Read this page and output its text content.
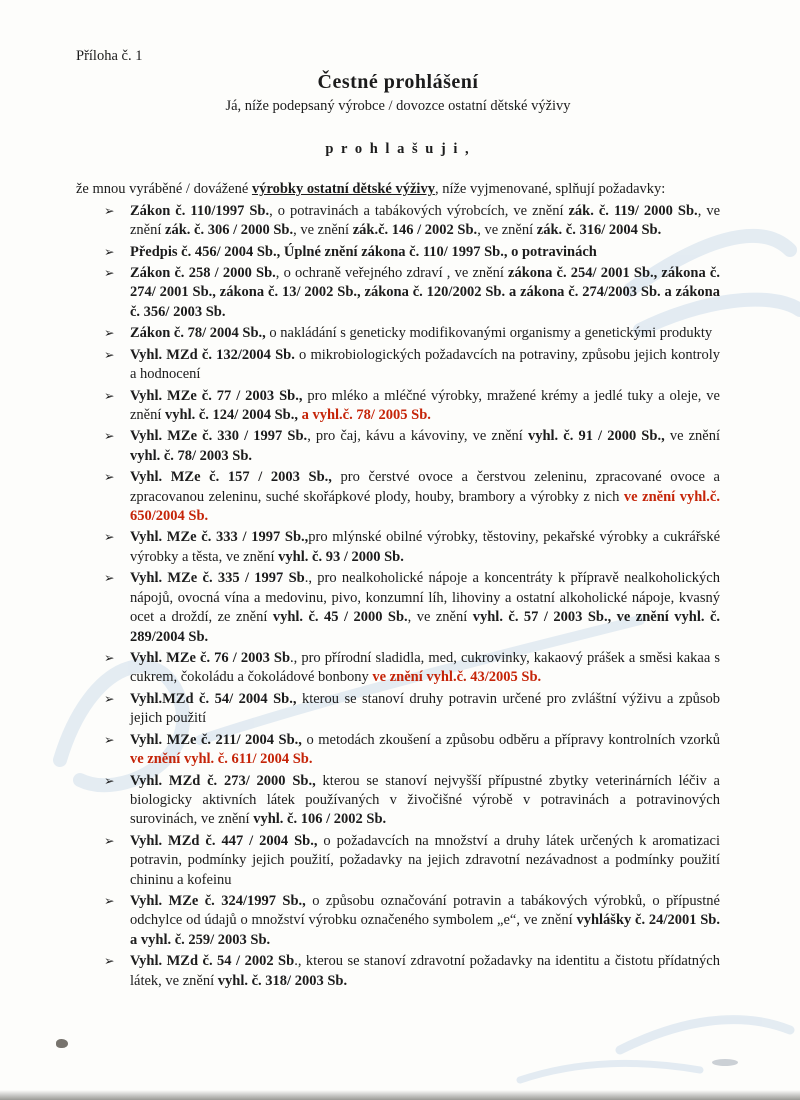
Příloha č. 1
Čestné prohlášení
Já, níže podepsaný výrobce / dovozce ostatní dětské výživy
p r o h l a š u j i ,

že mnou vyráběné / dovážené výrobky ostatní dětské výživy, níže vyjmenované, splňují požadavky:

➢	Zákon č. 110/1997 Sb., o potravinách a tabákových výrobcích, ve znění zák. č. 119/ 2000 Sb., ve znění zák. č. 306 / 2000 Sb., ve znění zák.č. 146 / 2002 Sb., ve znění zák. č. 316/ 2004 Sb.
➢	Předpis č. 456/ 2004 Sb., Úplné znění zákona č. 110/ 1997 Sb., o potravinách
➢	Zákon č. 258 / 2000 Sb., o ochraně veřejného zdraví , ve znění zákona č. 254/ 2001 Sb., zákona č. 274/ 2001 Sb., zákona č. 13/ 2002 Sb., zákona č. 120/2002 Sb. a zákona č. 274/2003 Sb. a zákona č. 356/ 2003 Sb.
➢	Zákon č. 78/ 2004 Sb., o nakládání s geneticky modifikovanými organismy a genetickými produkty
➢	Vyhl. MZd č. 132/2004 Sb. o mikrobiologických požadavcích na potraviny, způsobu jejich kontroly a hodnocení
➢	Vyhl. MZe č. 77 / 2003 Sb., pro mléko a mléčné výrobky, mražené krémy a jedlé tuky a oleje, ve znění vyhl. č. 124/ 2004 Sb., a vyhl.č. 78/ 2005 Sb.
➢	Vyhl. MZe č. 330 / 1997 Sb., pro čaj, kávu a kávoviny, ve znění vyhl. č. 91 / 2000 Sb., ve znění vyhl. č. 78/ 2003 Sb.
➢	Vyhl. MZe č. 157 / 2003 Sb., pro čerstvé ovoce a čerstvou zeleninu, zpracované ovoce a zpracovanou zeleninu, suché skořápkové plody, houby, brambory a výrobky z nich ve znění vyhl.č. 650/2004 Sb.
➢	Vyhl. MZe č. 333 / 1997 Sb.,pro mlýnské obilné výrobky, těstoviny, pekařské výrobky a cukrářské výrobky a těsta, ve znění vyhl. č. 93 / 2000 Sb.
➢	Vyhl. MZe č. 335 / 1997 Sb., pro nealkoholické nápoje a koncentráty k přípravě nealkoholických nápojů, ovocná vína a medovinu, pivo, konzumní líh, lihoviny a ostatní alkoholické nápoje, kvasný ocet a droždí, ze znění vyhl. č. 45 / 2000 Sb., ve znění vyhl. č. 57 / 2003 Sb., ve znění vyhl. č. 289/2004 Sb.
➢	Vyhl. MZe č. 76 / 2003 Sb., pro přírodní sladidla, med, cukrovinky, kakaový prášek a směsi kakaa s cukrem, čokoládu a čokoládové bonbony ve znění vyhl.č. 43/2005 Sb.
➢	Vyhl.MZd č. 54/ 2004 Sb., kterou se stanoví druhy potravin určené pro zvláštní výživu a způsob jejich použití
➢	Vyhl. MZe č. 211/ 2004 Sb., o metodách zkoušení a způsobu odběru a přípravy kontrolních vzorků ve znění vyhl. č. 611/ 2004 Sb.
➢	Vyhl. MZd č. 273/ 2000 Sb., kterou se stanoví nejvyšší přípustné zbytky veterinárních léčiv a biologicky aktivních látek používaných v živočišné výrobě v potravinách a potravinových surovinách, ve znění vyhl. č. 106 / 2002 Sb.
➢	Vyhl. MZd č. 447 / 2004 Sb., o požadavcích na množství a druhy látek určených k aromatizaci potravin, podmínky jejich použití, požadavky na jejich zdravotní nezávadnost a podmínky použití chininu a kofeinu
➢	Vyhl. MZe č. 324/1997 Sb., o způsobu označování potravin a tabákových výrobků, o přípustné odchylce od údajů o množství výrobku označeného symbolem „e“, ve znění vyhlášky č. 24/2001 Sb. a vyhl. č. 259/ 2003 Sb.
➢	Vyhl. MZd č. 54 / 2002 Sb., kterou se stanoví zdravotní požadavky na identitu a čistotu přídatných látek, ve znění vyhl. č. 318/ 2003 Sb.
